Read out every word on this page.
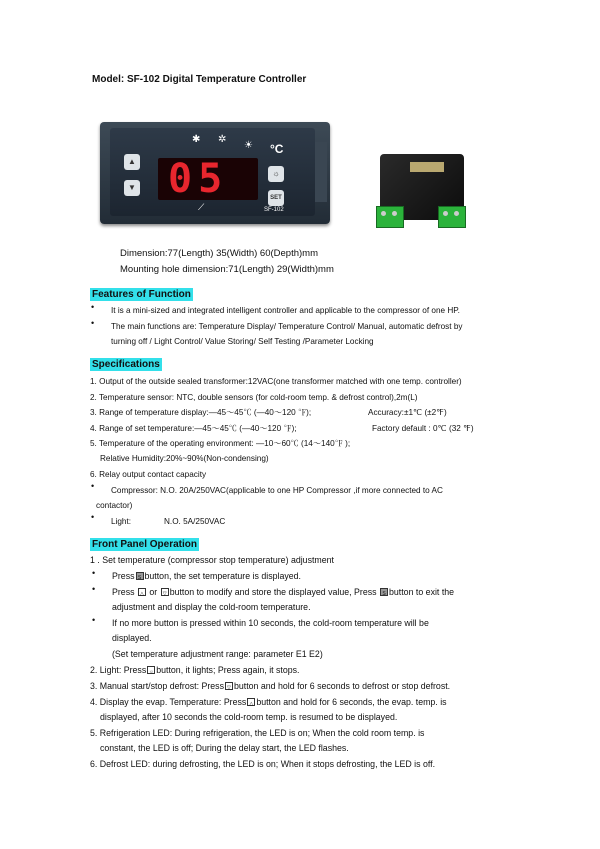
Model: SF-102 Digital Temperature Controller
✱ ✲
☀ °C
▲
▼ 05	☼
SET
⟋	SF-102
Dimension:77(Length) 35(Width) 60(Depth)mm
Mounting hole dimension:71(Length) 29(Width)mm
Features of Function
• It is a mini-sized and integrated intelligent controller and applicable to the compressor of one HP.
• The main functions are: Temperature Display/ Temperature Control/ Manual, automatic defrost by
turning off / Light Control/ Value Storing/ Self Testing /Parameter Locking
Specifications
1. Output of the outside sealed transformer:12VAC(one transformer matched with one temp. controller)
2. Temperature sensor: NTC, double sensors (for cold-room temp. & defrost control),2m(L)
3. Range of temperature display:—45～45℃ (—40～120 ℉);	Accuracy:±1℃ (±2℉)
4. Range of set temperature:—45～45℃ (—40～120 ℉);	Factory default : 0℃ (32 ℉)
5. Temperature of the operating environment: —10～60℃ (14～140℉ );
Relative Humidity:20%~90%(Non-condensing)
6. Relay output contact capacity
• Compressor: N.O. 20A/250VAC(applicable to one HP Compressor ,if more connected to AC
contactor)
• Light:	N.O. 5A/250VAC
Front Panel Operation
1 . Set temperature (compressor stop temperature) adjustment
• Press S button, the set temperature is displayed.
• Press △ or ▽ button to modify and store the displayed value, Press S button to exit the
adjustment and display the cold-room temperature.
• If no more button is pressed within 10 seconds, the cold-room temperature will be
displayed.
(Set temperature adjustment range: parameter E1 E2)
2. Light: Press ☼ button, it lights; Press again, it stops.
3. Manual start/stop defrost: Press ▽ button and hold for 6 seconds to defrost or stop defrost.
4. Display the evap. Temperature: Press △ button and hold for 6 seconds, the evap. temp. is
displayed, after 10 seconds the cold-room temp. is resumed to be displayed.
5. Refrigeration LED: During refrigeration, the LED is on; When the cold room temp. is
constant, the LED is off; During the delay start, the LED flashes.
6. Defrost LED: during defrosting, the LED is on; When it stops defrosting, the LED is off.
